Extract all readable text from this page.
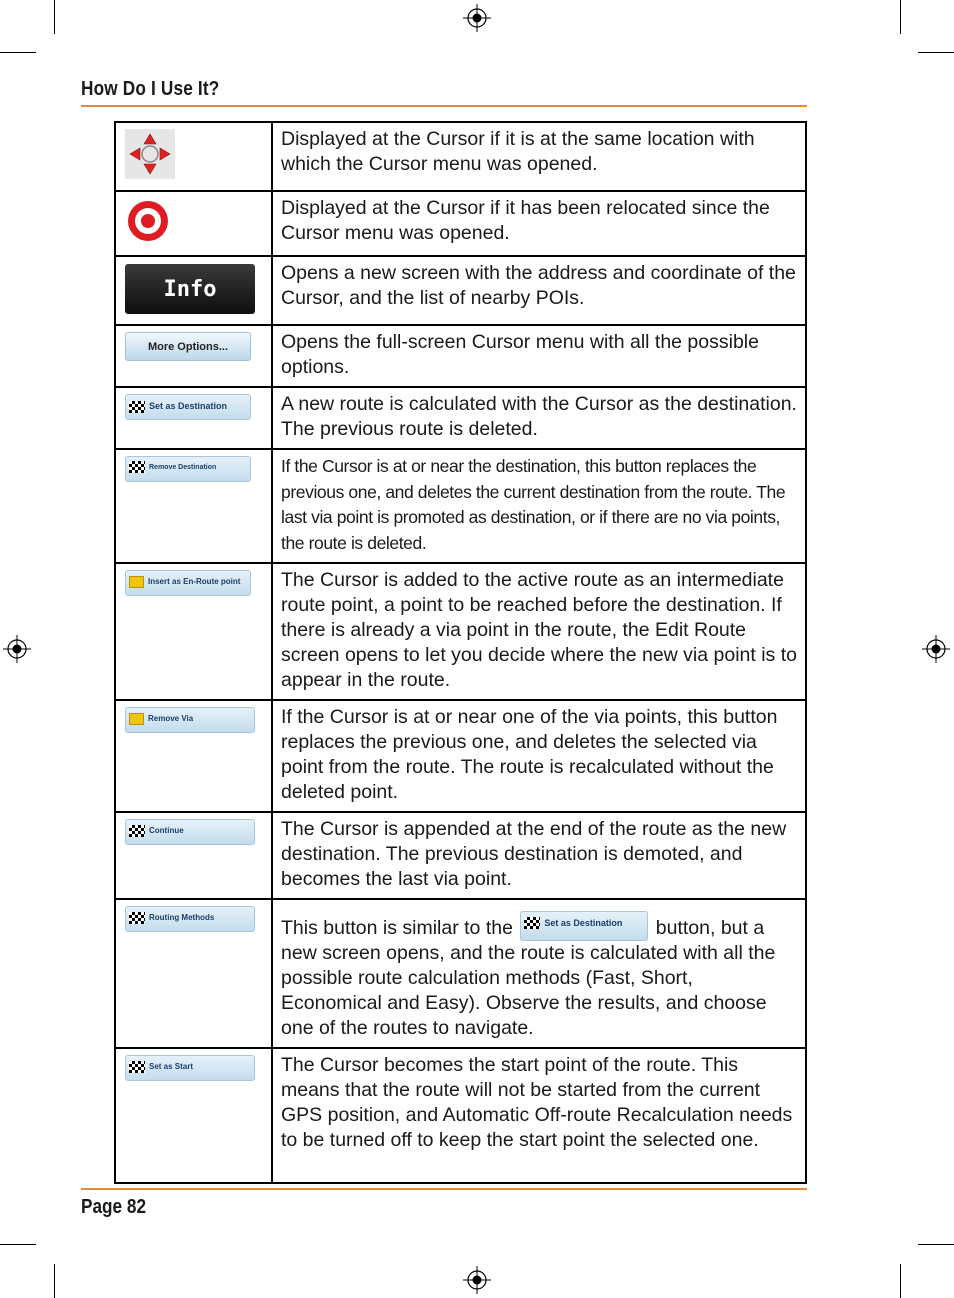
How Do I Use It?
	Displayed at the Cursor if it is at the same location with which the Cursor menu was opened.

	Displayed at the Cursor if it has been relocated since the Cursor menu was opened.

Info	Opens a new screen with the address and coordinate of the Cursor, and the list of nearby POIs.

More Options...	Opens the full-screen Cursor menu with all the possible options.

Set as Destination	A new route is calculated with the Cursor as the destination. The previous route is deleted.

Remove Destination	If the Cursor is at or near the destination, this button replaces the previous one, and deletes the current destination from the route. The last via point is promoted as destination, or if there are no via points, the route is deleted.

Insert as En-Route point	The Cursor is added to the active route as an intermediate route point, a point to be reached before the destination. If there is already a via point in the route, the Edit Route screen opens to let you decide where the new via point is to appear in the route.

Remove Via	If the Cursor is at or near one of the via points, this button replaces the previous one, and deletes the selected via point from the route. The route is recalculated without the deleted point.

Continue	The Cursor is appended at the end of the route as the new destination. The previous destination is demoted, and becomes the last via point.

Routing Methods	This button is similar to the Set as Destination button, but a new screen opens, and the route is calculated with all the possible route calculation methods (Fast, Short, Economical and Easy). Observe the results, and choose one of the routes to navigate.

Set as Start	The Cursor becomes the start point of the route. This means that the route will not be started from the current GPS position, and Automatic Off-route Recalculation needs to be turned off to keep the start point the selected one.
Page 82
